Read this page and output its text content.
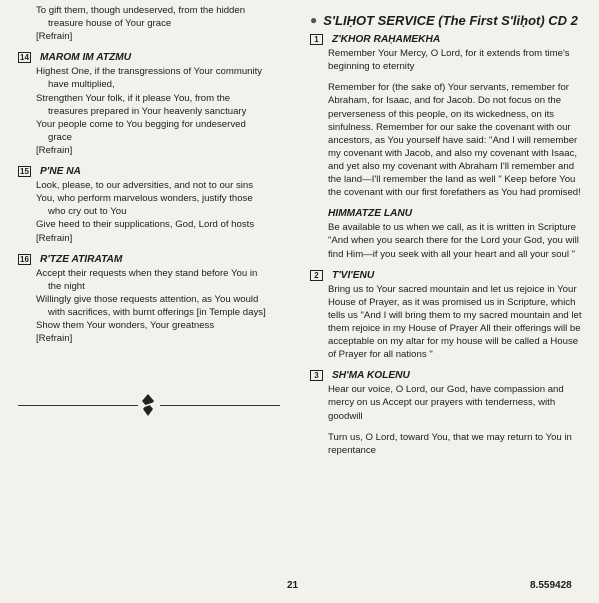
To gift them, though undeserved, from the hidden
treasure house of Your grace
[Refrain]
14 MAROM IM ATZMU
Highest One, if the transgressions of Your community
have multiplied,
Strengthen Your folk, if it please You, from the
treasures prepared in Your heavenly sanctuary
Your people come to You begging for undeserved
grace
[Refrain]
15 P'NE NA
Look, please, to our adversities, and not to our sins
You, who perform marvelous wonders, justify those
who cry out to You
Give heed to their supplications, God, Lord of hosts
[Refrain]
16 R'TZE ATIRATAM
Accept their requests when they stand before You in
the night
Willingly give those requests attention, as You would
with sacrifices, with burnt offerings [in Temple days]
Show them Your wonders, Your greatness
[Refrain]
● S'LIḤOT SERVICE (The First S'liḥot) CD 2
1	Z'KHOR RAḤAMEKHA

Remember Your Mercy, O Lord, for it extends from time's beginning to eternity

Remember for (the sake of) Your servants, remember for Abraham, for Isaac, and for Jacob. Do not focus on the perverseness of this people, on its wickedness, on its sinfulness. Remember for our sake the covenant with our ancestors, as You yourself have said: "And I will remember my covenant with Jacob, and also my covenant with Isaac, and yet also my covenant with Abraham I'll remember and the land—I'll remember the land as well " Keep before You the covenant with our first forefathers as You had promised!

HIMMATZE LANU

Be available to us when we call, as it is written in Scripture "And when you search there for the Lord your God, you will find Him—if you seek with all your heart and all your soul "

2	T'VI'ENU

Bring us to Your sacred mountain and let us rejoice in Your House of Prayer, as it was promised us in Scripture, which tells us "And I will bring them to my sacred mountain and let them rejoice in my House of Prayer All their offerings will be acceptable on my altar for my house will be called a House of Prayer for all nations "

3	SH'MA KOLENU

Hear our voice, O Lord, our God, have compassion and mercy on us Accept our prayers with tenderness, with goodwill

Turn us, O Lord, toward You, that we may return to You in repentance

21	8.559428
